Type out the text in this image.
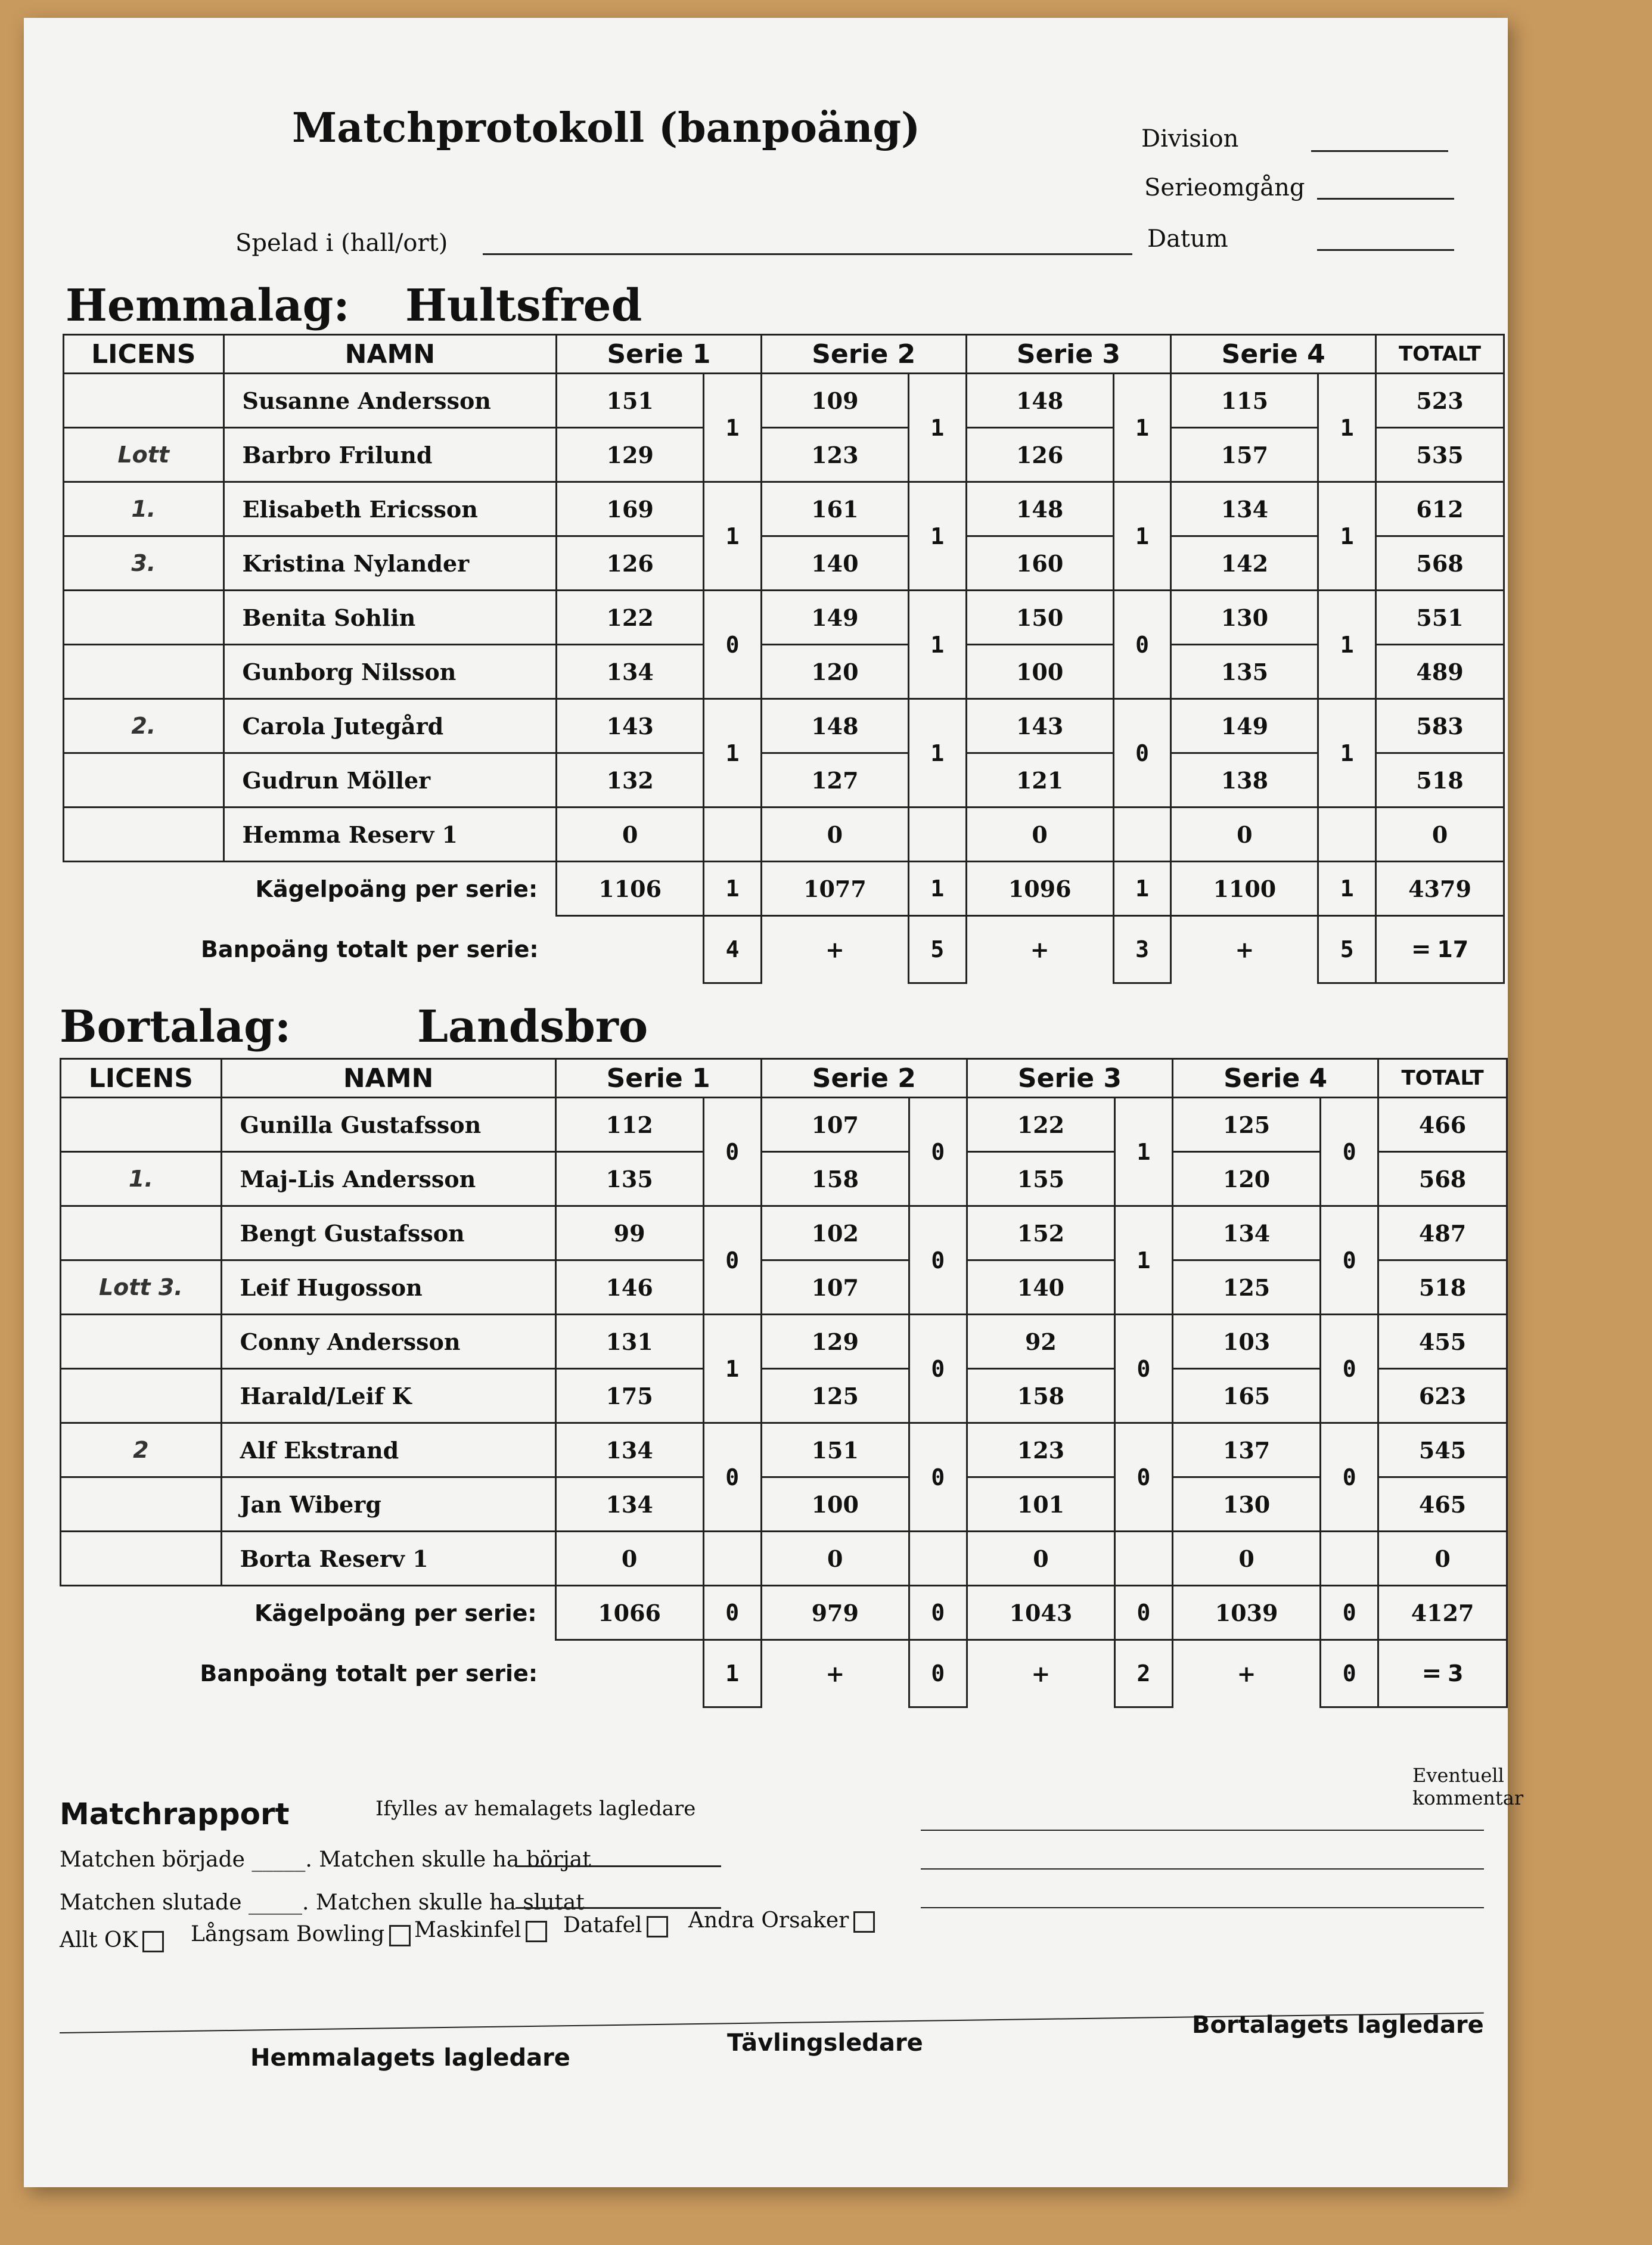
Matchprotokoll (banpoäng)	Division
Serieomgång
Spelad i (hall/ort)	Datum
Hemmalag: Hultsfred
LICENS	NAMN	Serie 1		Serie 2		Serie 3		Serie 4		TOTALT
	Susanne Andersson	151	1	109	1	148	1	115	1	523
Lott	Barbro Frilund	129		123		126		157		535
1.	Elisabeth Ericsson	169	1	161	1	148	1	134	1	612
3.	Kristina Nylander	126		140		160		142		568
	Benita Sohlin	122	0	149	1	150	0	130	1	551
	Gunborg Nilsson	134		120		100		135		489
2.	Carola Jutegård	143	1	148	1	143	0	149	1	583
	Gudrun Möller	132		127		121		138		518
	Hemma Reserv 1	0		0		0		0		0
Kägelpoäng per serie:		1106	1	1077	1	1096	1	1100	1	4379
Banpoäng totalt per serie:			4	+	5	+	3	+	5	= 17
Bortalag:	Landsbro
LICENS	NAMN	Serie 1		Serie 2		Serie 3		Serie 4		TOTALT
	Gunilla Gustafsson	112	0	107	0	122	1	125	0	466
1.	Maj-Lis Andersson	135		158		155		120		568
	Bengt Gustafsson	99	0	102	0	152	1	134	0	487
Lott 3.	Leif Hugosson	146		107		140		125		518
	Conny Andersson	131	1	129	0	92	0	103	0	455
	Harald/Leif K	175		125		158		165		623
2	Alf Ekstrand	134	0	151	0	123	0	137	0	545
	Jan Wiberg	134		100		101		130		465
	Borta Reserv 1	0		0		0		0		0
Kägelpoäng per serie:		1066	0	979	0	1043	0	1039	0	4127
Banpoäng totalt per serie:			1	+	0	+	2	+	0	= 3
Eventuell kommentar
Matchrapport	Ifylles av hemalagets lagledare
Matchen började _____. Matchen skulle ha börjat
Matchen slutade _____. Matchen skulle ha slutat
Allt OK	Långsam Bowling	Maskinfel	Datafel	Andra Orsaker
Hemmalagets lagledare
Tävlingsledare
Bortalagets lagledare
